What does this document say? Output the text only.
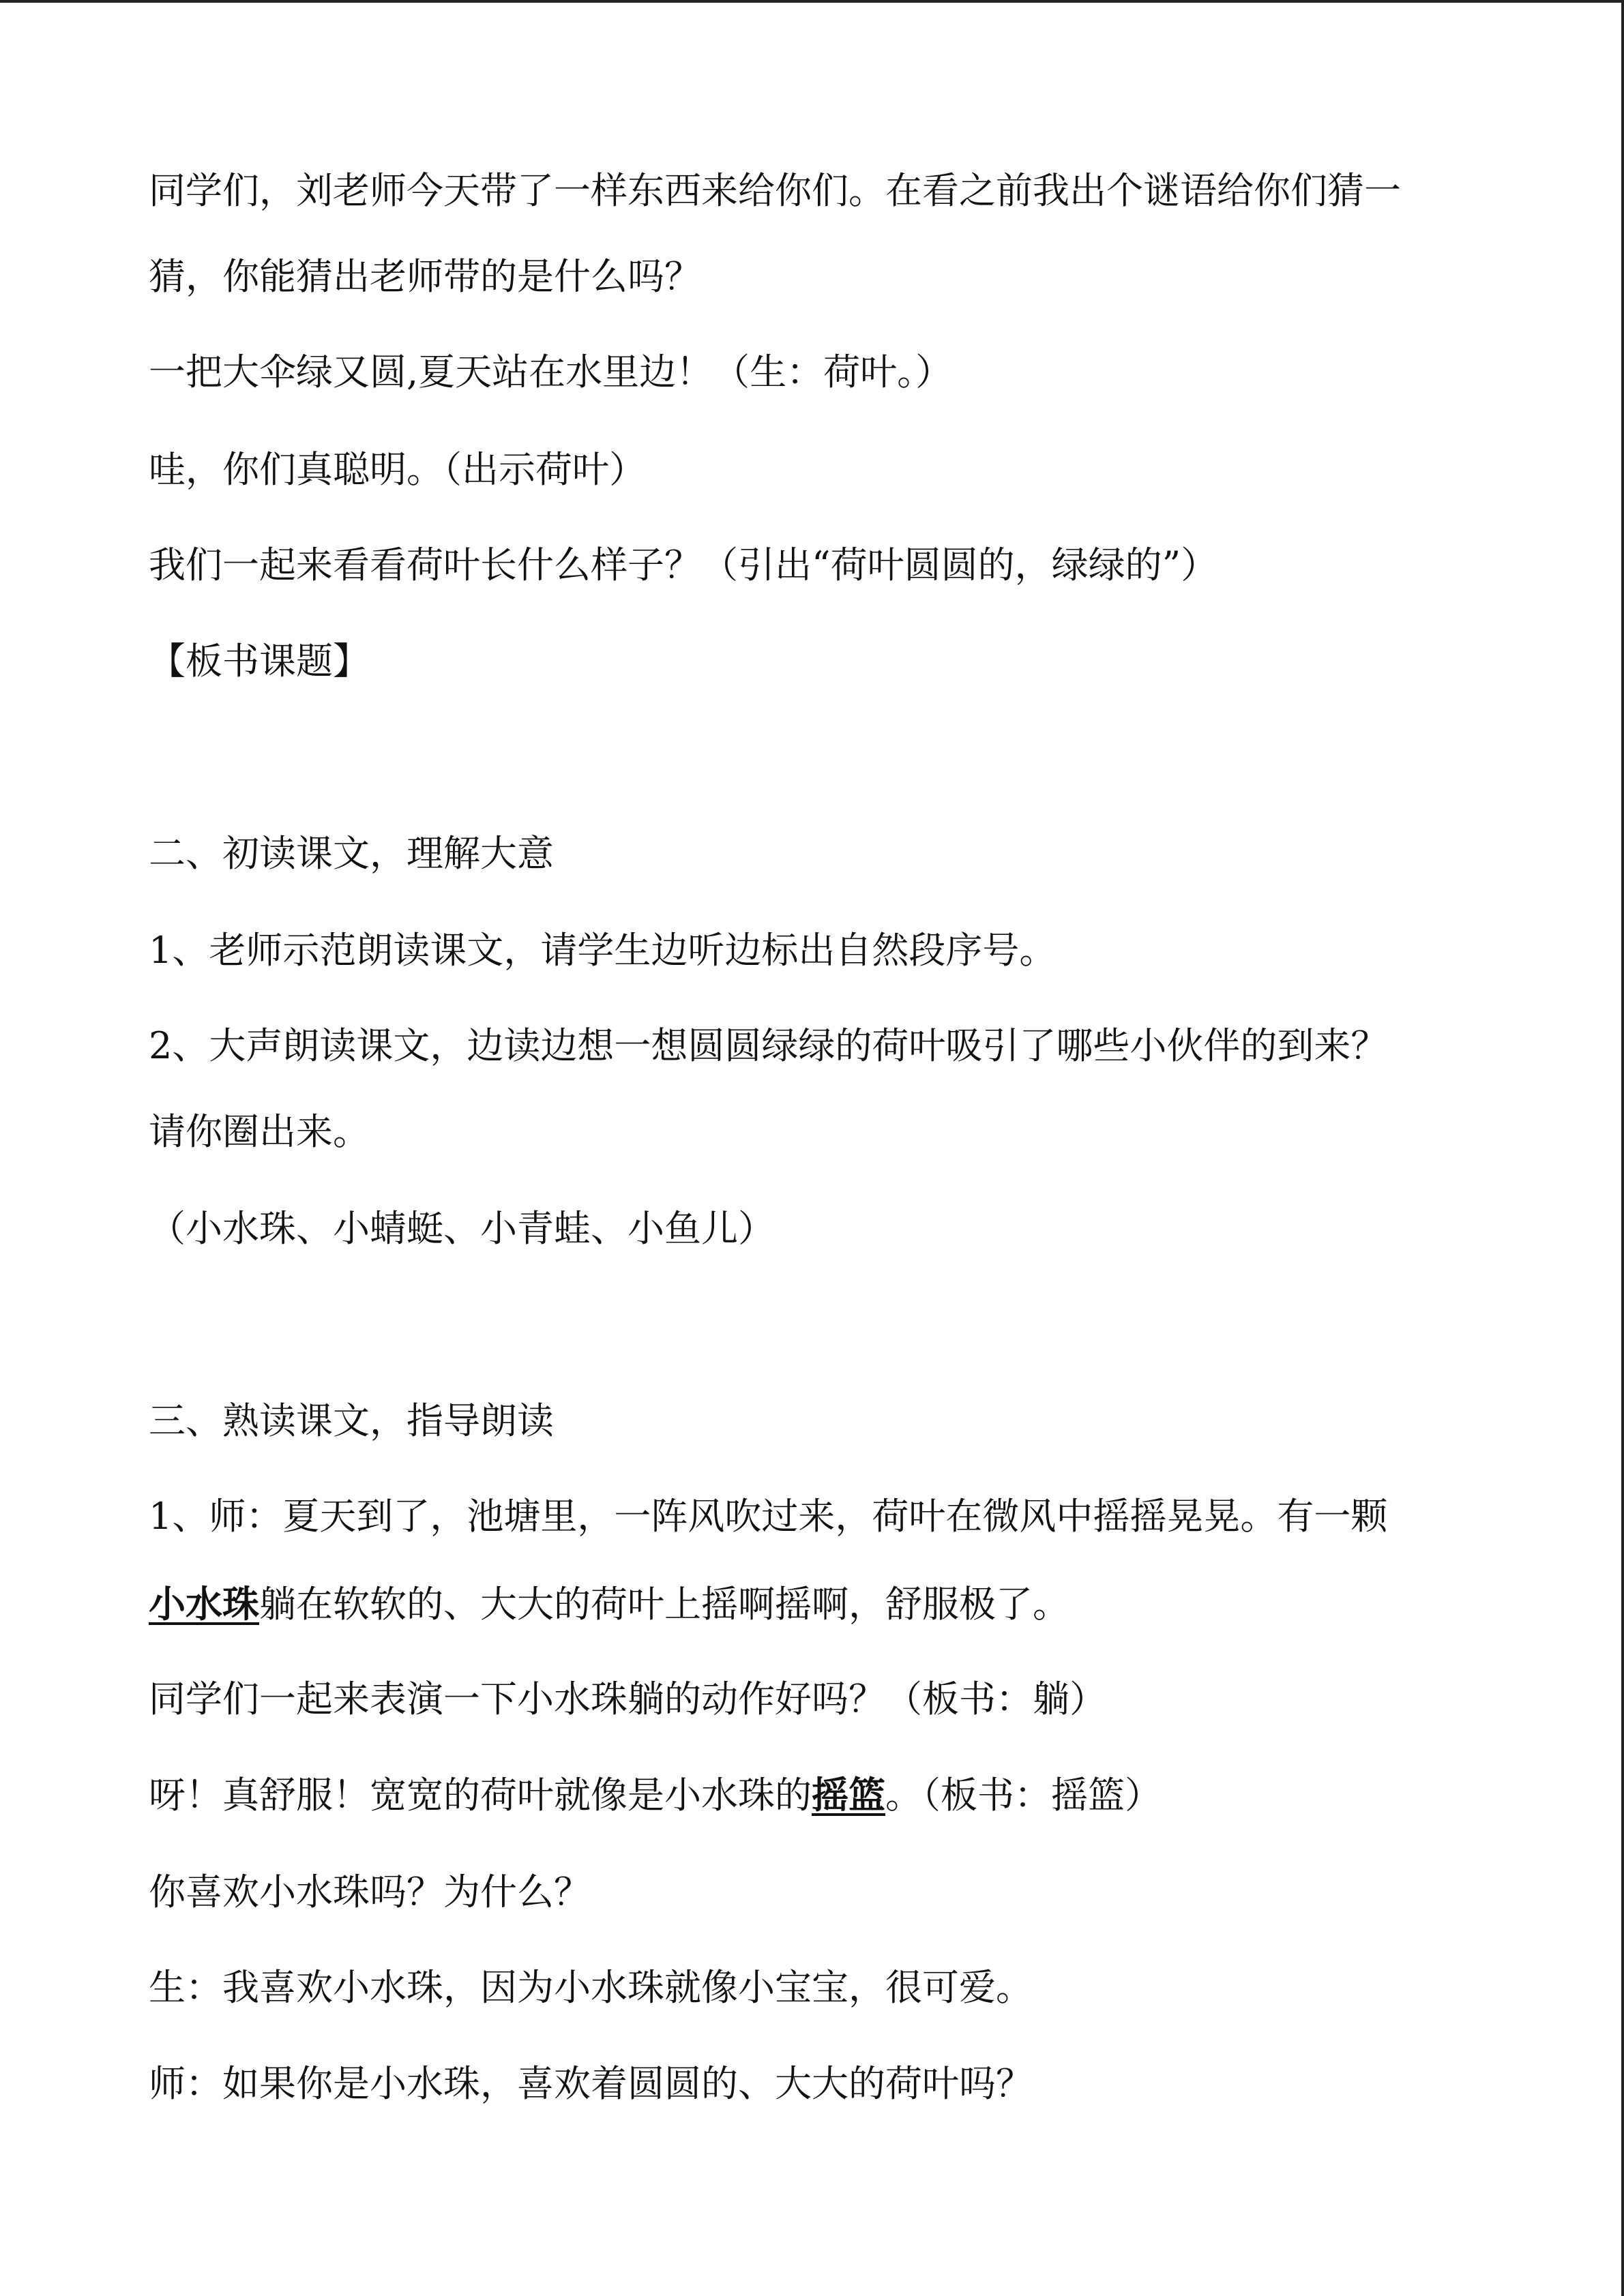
同学们，刘老师今天带了一样东西来给你们。在看之前我出个谜语给你们猜一
猜，你能猜出老师带的是什么吗？
一把大伞绿又圆,夏天站在水里边！（生：荷叶。）
哇，你们真聪明。（出示荷叶）
我们一起来看看荷叶长什么样子？（引出“荷叶圆圆的，绿绿的”）
【板书课题】
二、初读课文，理解大意
1、老师示范朗读课文，请学生边听边标出自然段序号。
2、大声朗读课文，边读边想一想圆圆绿绿的荷叶吸引了哪些小伙伴的到来？
请你圈出来。
（小水珠、小蜻蜓、小青蛙、小鱼儿）
三、熟读课文，指导朗读
1、师：夏天到了，池塘里，一阵风吹过来，荷叶在微风中摇摇晃晃。有一颗
小水珠躺在软软的、大大的荷叶上摇啊摇啊，舒服极了。
同学们一起来表演一下小水珠躺的动作好吗？（板书：躺）
呀！真舒服！宽宽的荷叶就像是小水珠的摇篮。（板书：摇篮）
你喜欢小水珠吗？为什么？
生：我喜欢小水珠，因为小水珠就像小宝宝，很可爱。
师：如果你是小水珠，喜欢着圆圆的、大大的荷叶吗？
